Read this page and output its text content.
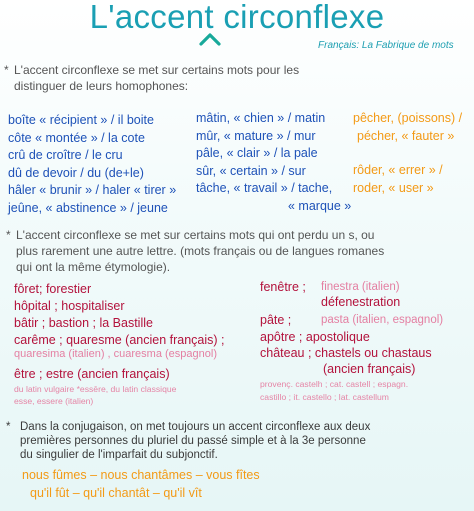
L'accent circonflexe
Français: La Fabrique de mots
* L'accent circonflexe se met sur certains mots pour les
distinguer de leurs homophones:
boîte « récipient » / il boite
côte « montée » / la cote
crû de croître / le cru
dû de devoir / du (de+le)
hâler « brunir » / haler « tirer »
jeûne, « abstinence » / jeune
mâtin, « chien » / matin
mûr, « mature » / mur
pâle, « clair » / la pale
sûr, « certain » / sur
tâche, « travail » / tache,
« marque »
pêcher, (poissons) /
pécher, « fauter »
rôder, « errer » /
roder, « user »
* L'accent circonflexe se met sur certains mots qui ont perdu un s, ou
plus rarement une autre lettre. (mots français ou de langues romanes
qui ont la même étymologie).
fôret; forestier
hôpital ; hospitaliser
bâtir ; bastion ; la Bastille
carême ; quaresme (ancien français) ;
quaresima (italien) , cuaresma (espagnol)
être ; estre (ancien français)
du latin vulgaire *essēre, du latin classique
esse, essere (italien)
fenêtre ; finestra (italien)
défenestration
pâte ;	pasta (italien, espagnol)
apôtre ; apostolique
château ; chastels ou chastaus
(ancien français)
provenç. castelh ; cat. castell ; espagn.
castillo ; it. castello ; lat. castellum
* Dans la conjugaison, on met toujours un accent circonflexe aux deux
premières personnes du pluriel du passé simple et à la 3e personne
du singulier de l'imparfait du subjonctif.
nous fûmes – nous chantâmes – vous fîtes
qu'il fût – qu'il chantât – qu'il vît
